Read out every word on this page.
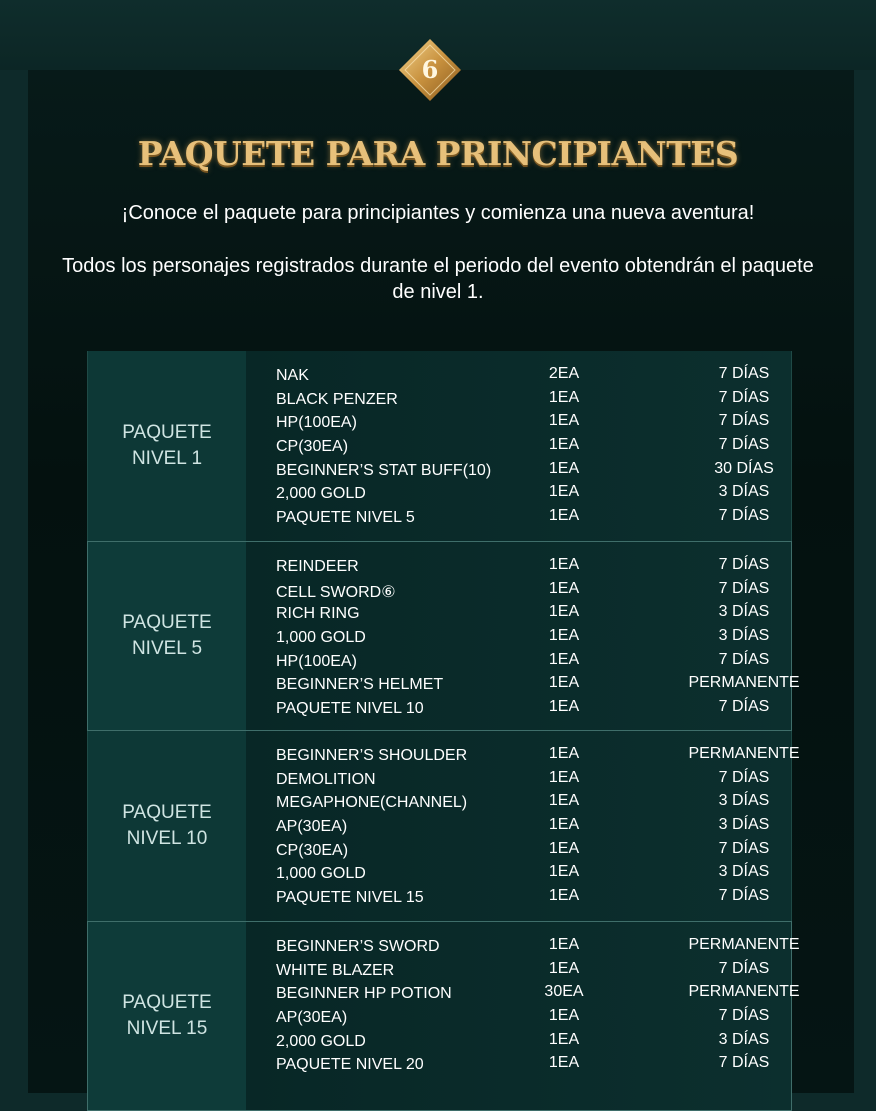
6
PAQUETE PARA PRINCIPIANTES
¡Conoce el paquete para principiantes y comienza una nueva aventura!
Todos los personajes registrados durante el periodo del evento obtendrán el paquete de nivel 1.
PAQUETE
NIVEL 1
NAK	2EA	7 DÍAS
BLACK PENZER	1EA	7 DÍAS
HP(100EA)	1EA	7 DÍAS
CP(30EA)	1EA	7 DÍAS
BEGINNER’S STAT BUFF(10)	1EA	30 DÍAS
2,000 GOLD	1EA	3 DÍAS
PAQUETE NIVEL 5	1EA	7 DÍAS
PAQUETE
NIVEL 5
REINDEER	1EA	7 DÍAS
CELL SWORD⑥	1EA	7 DÍAS
RICH RING	1EA	3 DÍAS
1,000 GOLD	1EA	3 DÍAS
HP(100EA)	1EA	7 DÍAS
BEGINNER’S HELMET	1EA	PERMANENTE
PAQUETE NIVEL 10	1EA	7 DÍAS
PAQUETE
NIVEL 10
BEGINNER’S SHOULDER	1EA	PERMANENTE
DEMOLITION	1EA	7 DÍAS
MEGAPHONE(CHANNEL)	1EA	3 DÍAS
AP(30EA)	1EA	3 DÍAS
CP(30EA)	1EA	7 DÍAS
1,000 GOLD	1EA	3 DÍAS
PAQUETE NIVEL 15	1EA	7 DÍAS
PAQUETE
NIVEL 15
BEGINNER’S SWORD	1EA	PERMANENTE
WHITE BLAZER	1EA	7 DÍAS
BEGINNER HP POTION	30EA	PERMANENTE
AP(30EA)	1EA	7 DÍAS
2,000 GOLD	1EA	3 DÍAS
PAQUETE NIVEL 20	1EA	7 DÍAS
